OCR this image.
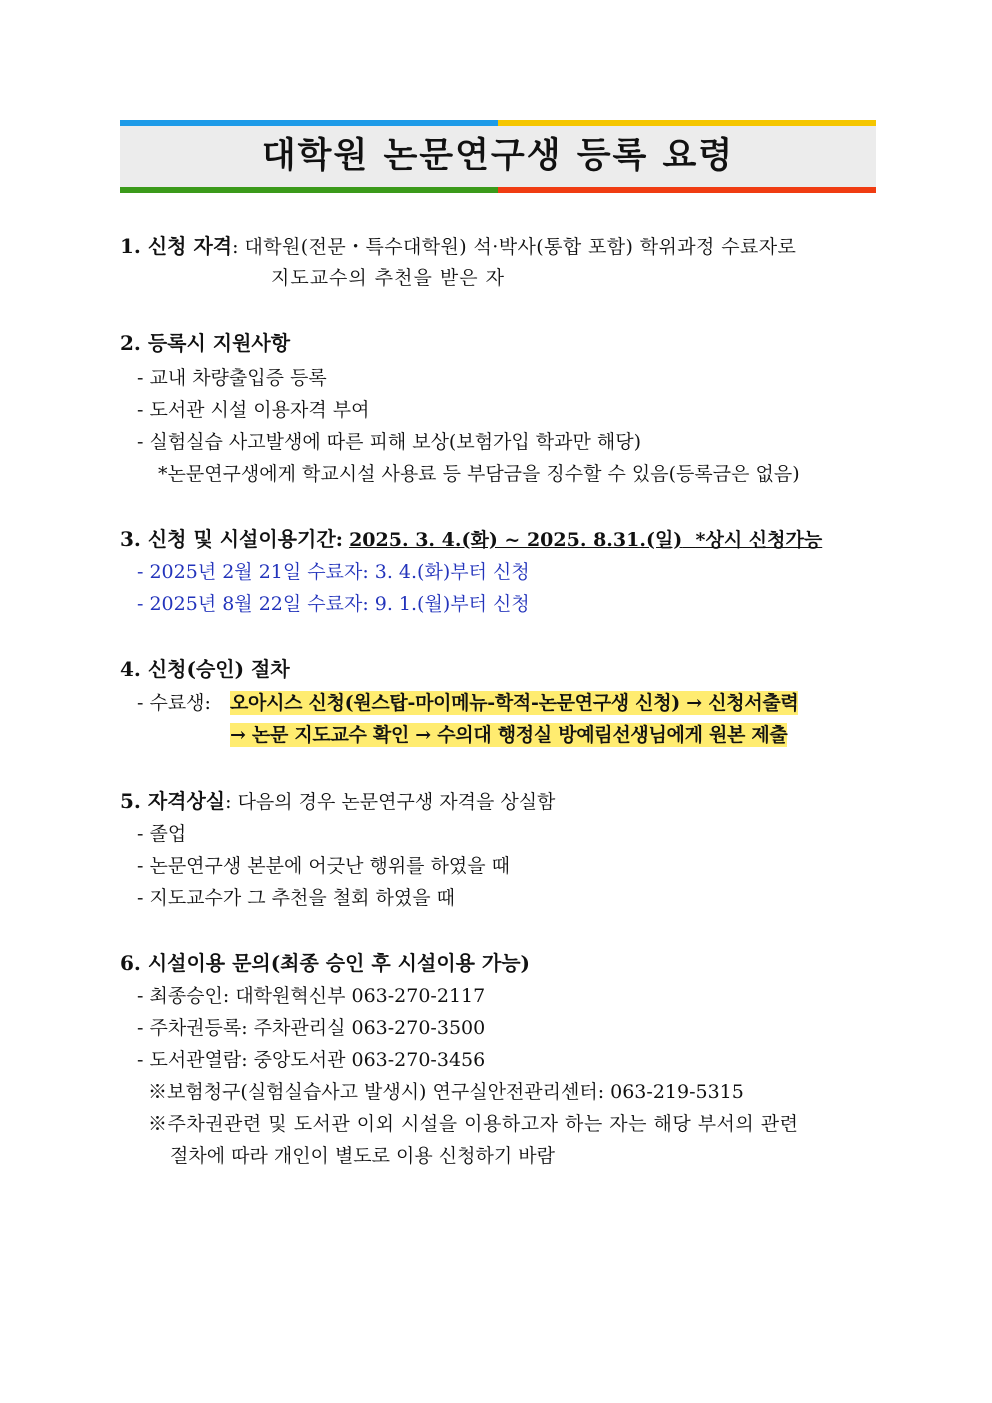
대학원 논문연구생 등록 요령
1. 신청 자격: 대학원(전문・특수대학원) 석·박사(통합 포함) 학위과정 수료자로
지도교수의 추천을 받은 자
2. 등록시 지원사항
- 교내 차량출입증 등록
- 도서관 시설 이용자격 부여
- 실험실습 사고발생에 따른 피해 보상(보험가입 학과만 해당)
*논문연구생에게 학교시설 사용료 등 부담금을 징수할 수 있음(등록금은 없음)
3. 신청 및 시설이용기간: 2025. 3. 4.(화) ~ 2025. 8.31.(일) *상시 신청가능
- 2025년 2월 21일 수료자: 3. 4.(화)부터 신청
- 2025년 8월 22일 수료자: 9. 1.(월)부터 신청
4. 신청(승인) 절차
- 수료생: 오아시스 신청(원스탑-마이메뉴-학적-논문연구생 신청) → 신청서출력
→ 논문 지도교수 확인 → 수의대 행정실 방예림선생님에게 원본 제출
5. 자격상실: 다음의 경우 논문연구생 자격을 상실함
- 졸업
- 논문연구생 본분에 어긋난 행위를 하였을 때
- 지도교수가 그 추천을 철회 하였을 때
6. 시설이용 문의(최종 승인 후 시설이용 가능)
- 최종승인: 대학원혁신부 063-270-2117
- 주차권등록: 주차관리실 063-270-3500
- 도서관열람: 중앙도서관 063-270-3456
※보험청구(실험실습사고 발생시) 연구실안전관리센터: 063-219-5315
※주차권관련 및 도서관 이외 시설을 이용하고자 하는 자는 해당 부서의 관련
절차에 따라 개인이 별도로 이용 신청하기 바람
